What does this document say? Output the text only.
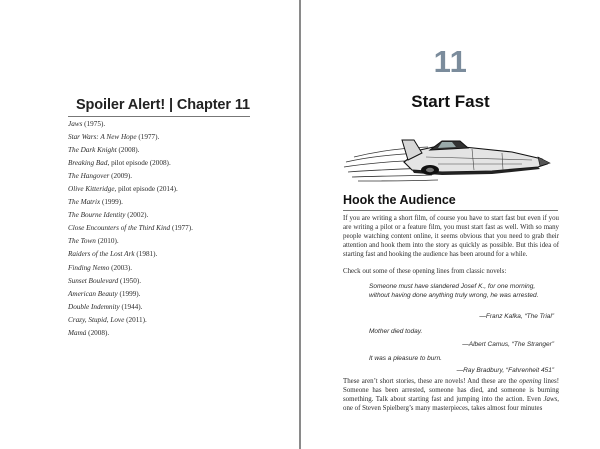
Spoiler Alert! | Chapter 11
Jaws (1975).
Star Wars: A New Hope (1977).
The Dark Knight (2008).
Breaking Bad, pilot episode (2008).
The Hangover (2009).
Olive Kitteridge, pilot episode (2014).
The Matrix (1999).
The Bourne Identity (2002).
Close Encounters of the Third Kind (1977).
The Town (2010).
Raiders of the Lost Ark (1981).
Finding Nemo (2003).
Sunset Boulevard (1950).
American Beauty (1999).
Double Indemnity (1944).
Crazy, Stupid, Love (2011).
Mamá (2008).
11
Start Fast
Hook the Audience

If you are writing a short film, of course you have to start fast but even if you are writing a pilot or a feature film, you must start fast as well. With so many people watching content online, it seems obvious that you need to grab their attention and hook them into the story as quickly as possible. But this idea of starting fast and hooking the audience has been around for a while.

Check out some of these opening lines from classic novels:

Someone must have slandered Josef K., for one morning, without having done anything truly wrong, he was arrested.

—Franz Kafka, “The Trial”

Mother died today.

—Albert Camus, “The Stranger”

It was a pleasure to burn.

—Ray Bradbury, “Fahrenheit 451”

These aren’t short stories, these are novels! And these are the opening lines! Someone has been arrested, someone has died, and someone is burning something. Talk about starting fast and jumping into the action. Even Jaws, one of Steven Spielberg’s many masterpieces, takes almost four minutes
